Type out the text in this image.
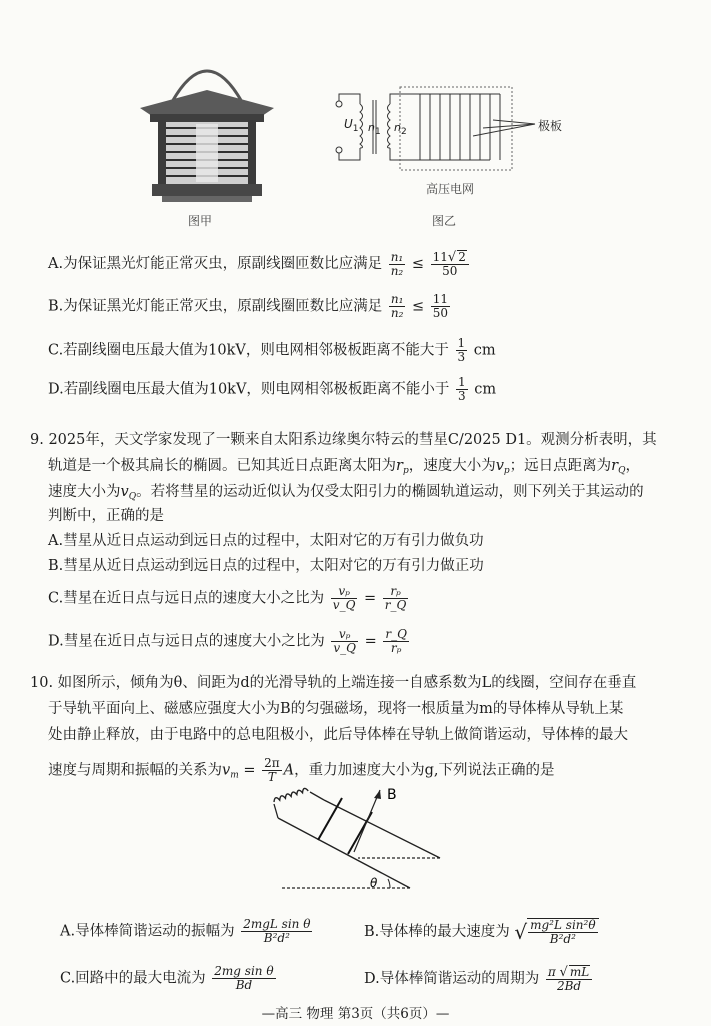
图甲
$U_1$ $n_1$ $n_2$	极板
高压电网
图乙
A.为保证黑光灯能正常灭虫，原副线圈匝数比应满足 $\frac{\text{n₁}}{\text{n₂}} \le \frac{11√ 2}{50}$
B.为保证黑光灯能正常灭虫，原副线圈匝数比应满足 $\frac{\text{n₁}}{\text{n₂}} \le \frac{11}{50}$
C.若副线圈电压最大值为10kV，则电网相邻极板距离不能大于 $\frac{1}{3}$ cm
D.若副线圈电压最大值为10kV，则电网相邻极板距离不能小于 $\frac{1}{3}$ cm
9. 2025年，天文学家发现了一颗来自太阳系边缘奥尔特云的彗星C/2025 D1。观测分析表明，其
轨道是一个极其扁长的椭圆。已知其近日点距离太阳为$r_p$，速度大小为$v_p$；远日点距离为$r_Q$，
速度大小为$v_Q$。若将彗星的运动近似认为仅受太阳引力的椭圆轨道运动，则下列关于其运动的
判断中，正确的是
A.彗星从近日点运动到远日点的过程中，太阳对它的万有引力做负功
B.彗星从近日点运动到远日点的过程中，太阳对它的万有引力做正功
C.彗星在近日点与远日点的速度大小之比为 $\frac{\text{vₚ}}{v\_Q} = \frac{\text{rₚ}}{r\_Q}$
D.彗星在近日点与远日点的速度大小之比为 $\frac{\text{vₚ}}{v\_Q} = \frac{r\_Q}{\text{rₚ}}$
10. 如图所示，倾角为θ、间距为d的光滑导轨的上端连接一自感系数为L的线圈，空间存在垂直
于导轨平面向上、磁感应强度大小为B的匀强磁场，现将一根质量为m的导体棒从导轨上某
处由静止释放，由于电路中的总电阻极小，此后导体棒在导轨上做简谐运动，导体棒的最大
速度与周期和振幅的关系为$v_m = \frac{2\pi}{T}$ A，重力加速度大小为g,下列说法正确的是
B
θ
A.导体棒简谐运动的振幅为 $\frac{\text{2mgL sin θ}}{\text{B²d²}}$	B.导体棒的最大速度为 √ $\frac{\text{mg²L sin²θ}}{\text{B²d²}}$
C.回路中的最大电流为 $\frac{\text{2mg sin θ}}{Bd}$	D.导体棒简谐运动的周期为 $\frac{\pi √ mL}{2Bd}$
—高三 物理 第3页（共6页）—
